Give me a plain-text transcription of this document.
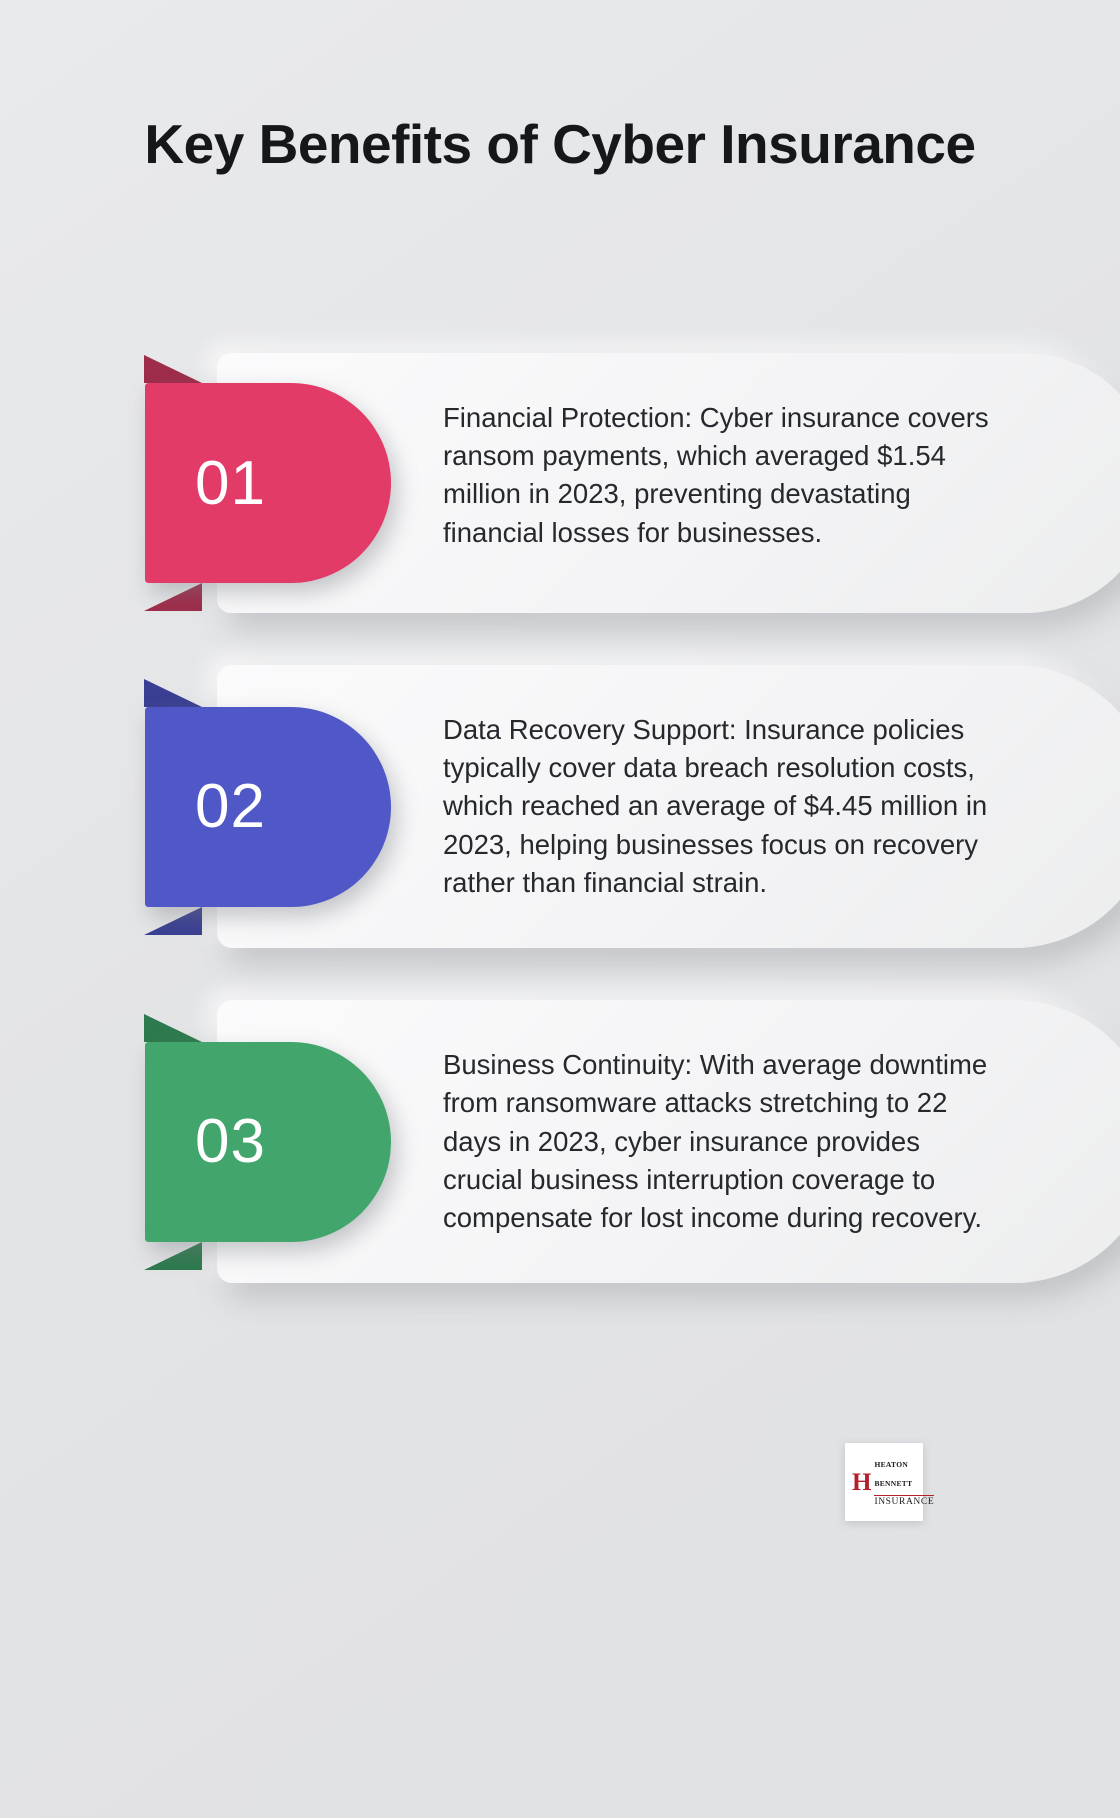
Key Benefits of Cyber Insurance
Financial Protection: Cyber insurance covers ransom payments, which averaged $1.54 million in 2023, preventing devastating financial losses for businesses.
01
Data Recovery Support: Insurance policies typically cover data breach resolution costs, which reached an average of $4.45 million in 2023, helping businesses focus on recovery rather than financial strain.
02
Business Continuity: With average downtime from ransomware attacks stretching to 22 days in 2023, cyber insurance provides crucial business interruption coverage to compensate for lost income during recovery.
03
H
HEATON BENNETT
INSURANCE
